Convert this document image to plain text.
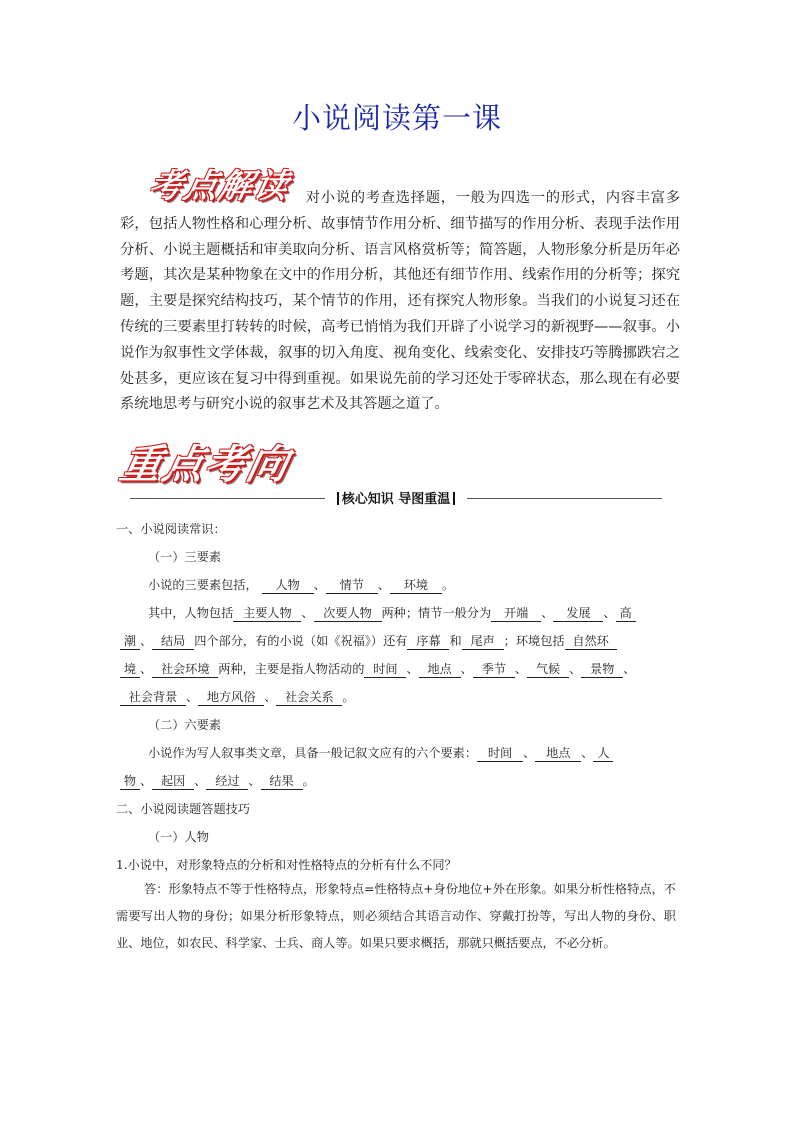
小说阅读第一课
考点解读 对小说的考查选择题，一般为四选一的形式，内容丰富多彩，包括人物性格和心理分析、故事情节作用分析、细节描写的作用分析、表现手法作用分析、小说主题概括和审美取向分析、语言风格赏析等；简答题，人物形象分析是历年必考题，其次是某种物象在文中的作用分析，其他还有细节作用、线索作用的分析等；探究题，主要是探究结构技巧，某个情节的作用，还有探究人物形象。当我们的小说复习还在传统的三要素里打转转的时候，高考已悄悄为我们开辟了小说学习的新视野——叙事。小说作为叙事性文学体裁，叙事的切入角度、视角变化、线索变化、安排技巧等腾挪跌宕之处甚多，更应该在复习中得到重视。如果说先前的学习还处于零碎状态，那么现在有必要系统地思考与研究小说的叙事艺术及其答题之道了。
重点考向
核心知识 导图重温
一、小说阅读常识：
（一）三要素
小说的三要素包括， 人物 、 情节 、 环境 。
其中，人物包括 主要人物 、 次要人物 两种；情节一般分为 开端 、 发展 、 高
潮 、 结局 四个部分，有的小说（如《祝福》）还有 序幕 和 尾声 ；环境包括 自然环
境 、 社会环境 两种，主要是指人物活动的 时间 、 地点 、 季节 、 气候 、 景物 、
社会背景 、 地方风俗 、 社会关系 。
（二）六要素
小说作为写人叙事类文章，具备一般记叙文应有的六个要素： 时间 、 地点 、 人
物 、 起因 、 经过 、 结果 。
二、小说阅读题答题技巧
（一）人物
1.小说中，对形象特点的分析和对性格特点的分析有什么不同？
答：形象特点不等于性格特点，形象特点=性格特点+身份地位+外在形象。如果分析性格特点，不需要写出人物的身份；如果分析形象特点，则必须结合其语言动作、穿戴打扮等，写出人物的身份、职业、地位，如农民、科学家、士兵、商人等。如果只要求概括，那就只概括要点，不必分析。
